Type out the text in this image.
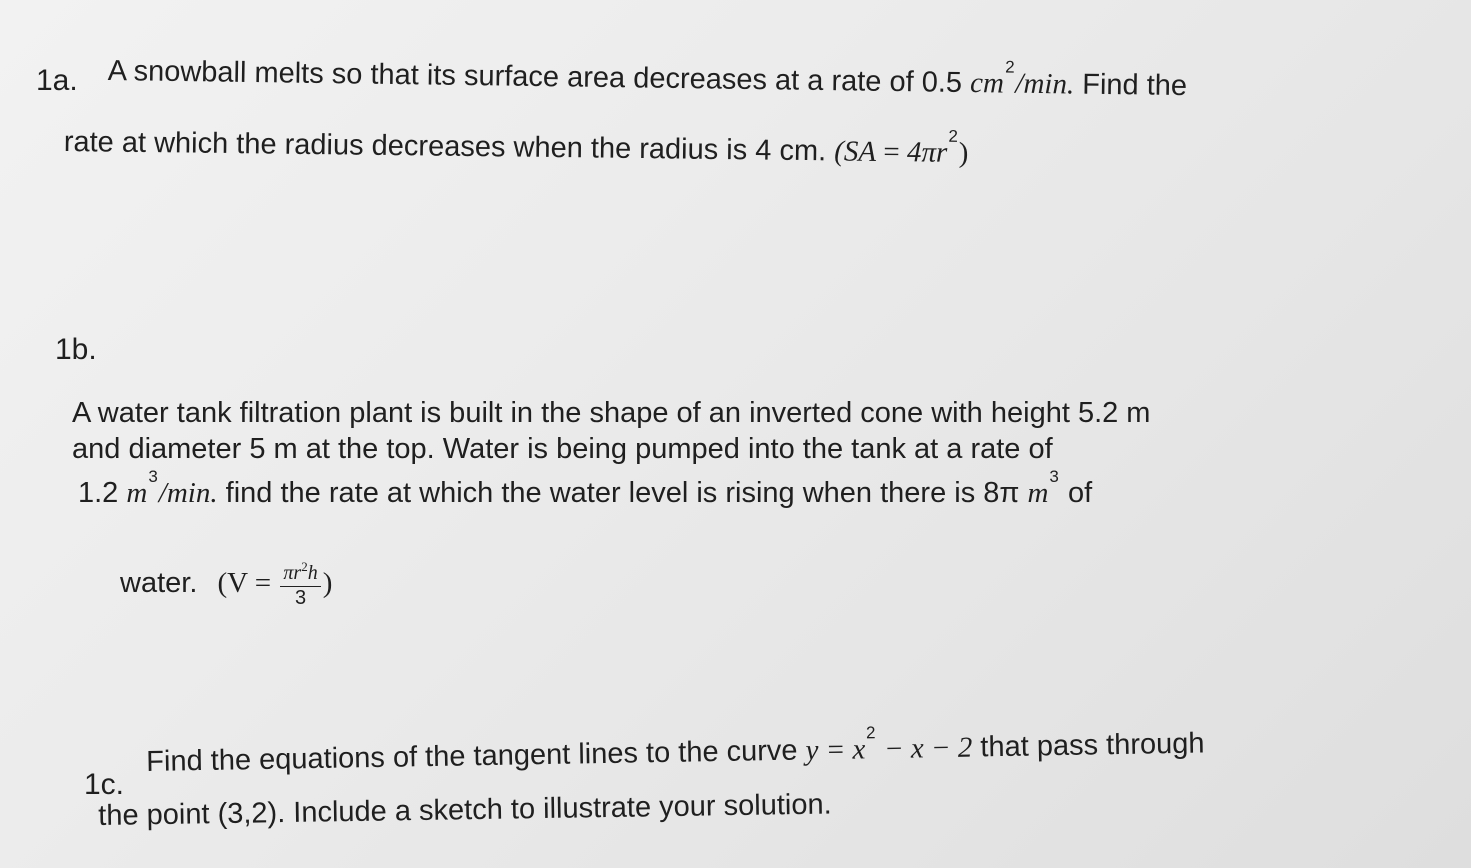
1a. A snowball melts so that its surface area decreases at a rate of 0.5 $cm^2/\min$. Find the
rate at which the radius decreases when the radius is 4 cm. $(SA = 4\pi r^2)$
1b.
A water tank filtration plant is built in the shape of an inverted cone with height 5.2 m
and diameter 5 m at the top. Water is being pumped into the tank at a rate of
1.2 $m^3/\min$. find the rate at which the water level is rising when there is 8π $m^3$ of
water. ($V = \frac{\pi r^2h}{3}$ )
1c.
Find the equations of the tangent lines to the curve $y = x^2 - x - 2$ that pass through
the point (3,2). Include a sketch to illustrate your solution.
